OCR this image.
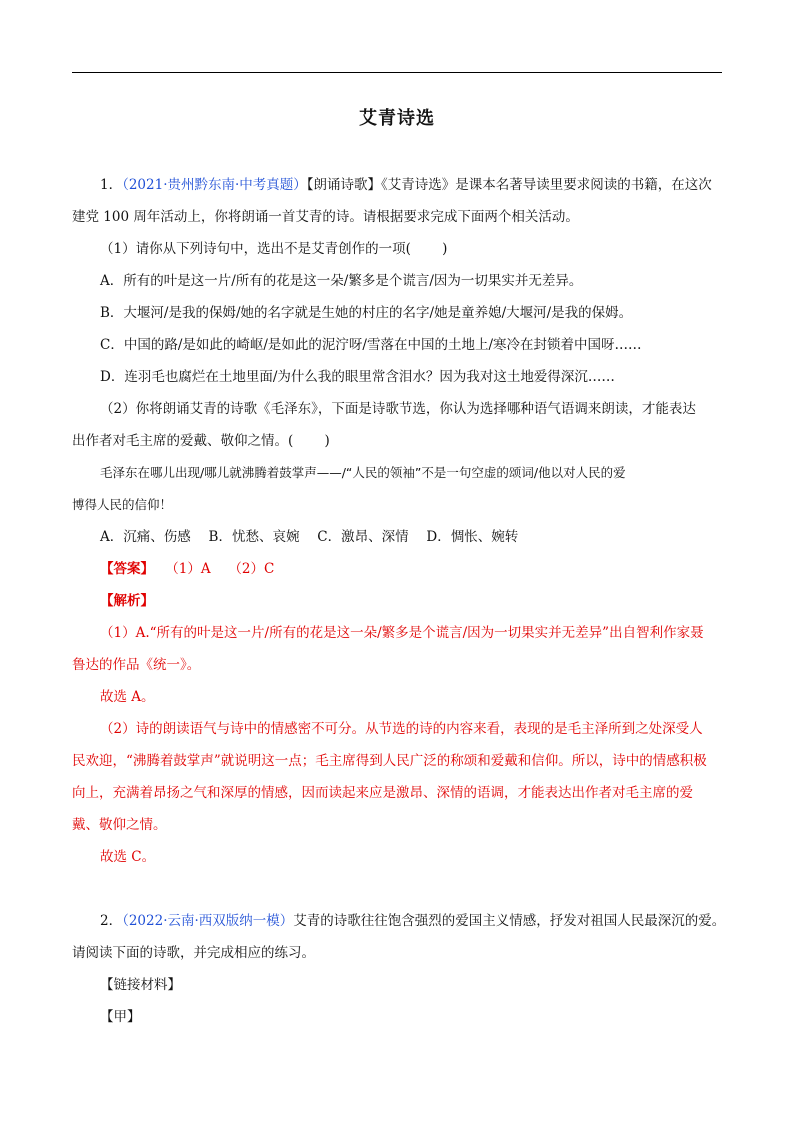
艾青诗选
1．（2021·贵州黔东南·中考真题）【朗诵诗歌】《艾青诗选》是课本名著导读里要求阅读的书籍，在这次
建党 100 周年活动上，你将朗诵一首艾青的诗。请根据要求完成下面两个相关活动。
（1）请你从下列诗句中，选出不是艾青创作的一项(　　 )
A．所有的叶是这一片/所有的花是这一朵/繁多是个谎言/因为一切果实并无差异。
B．大堰河/是我的保姆/她的名字就是生她的村庄的名字/她是童养媳/大堰河/是我的保姆。
C．中国的路/是如此的崎岖/是如此的泥泞呀/雪落在中国的土地上/寒冷在封锁着中国呀……
D．连羽毛也腐烂在土地里面/为什么我的眼里常含泪水？因为我对这土地爱得深沉……
（2）你将朗诵艾青的诗歌《毛泽东》，下面是诗歌节选，你认为选择哪种语气语调来朗读，才能表达
出作者对毛主席的爱戴、敬仰之情。(　　 )
毛泽东在哪儿出现/哪儿就沸腾着鼓掌声——/“人民的领袖”不是一句空虚的颂词/他以对人民的爱
博得人民的信仰！
A．沉痛、伤感　 B．忧愁、哀婉　 C．激昂、深情　 D．惆怅、婉转
【答案】 （1）A　 （2）C
【解析】
（1）A.“所有的叶是这一片/所有的花是这一朵/繁多是个谎言/因为一切果实并无差异”出自智利作家聂
鲁达的作品《统一》。
故选 A。
（2）诗的朗读语气与诗中的情感密不可分。从节选的诗的内容来看，表现的是毛主泽所到之处深受人
民欢迎，“沸腾着鼓掌声”就说明这一点；毛主席得到人民广泛的称颂和爱戴和信仰。所以，诗中的情感积极
向上，充满着昂扬之气和深厚的情感，因而读起来应是激昂、深情的语调，才能表达出作者对毛主席的爱
戴、敬仰之情。
故选 C。
2．（2022·云南·西双版纳一模）艾青的诗歌往往饱含强烈的爱国主义情感，抒发对祖国人民最深沉的爱。
请阅读下面的诗歌，并完成相应的练习。
【链接材料】
【甲】
